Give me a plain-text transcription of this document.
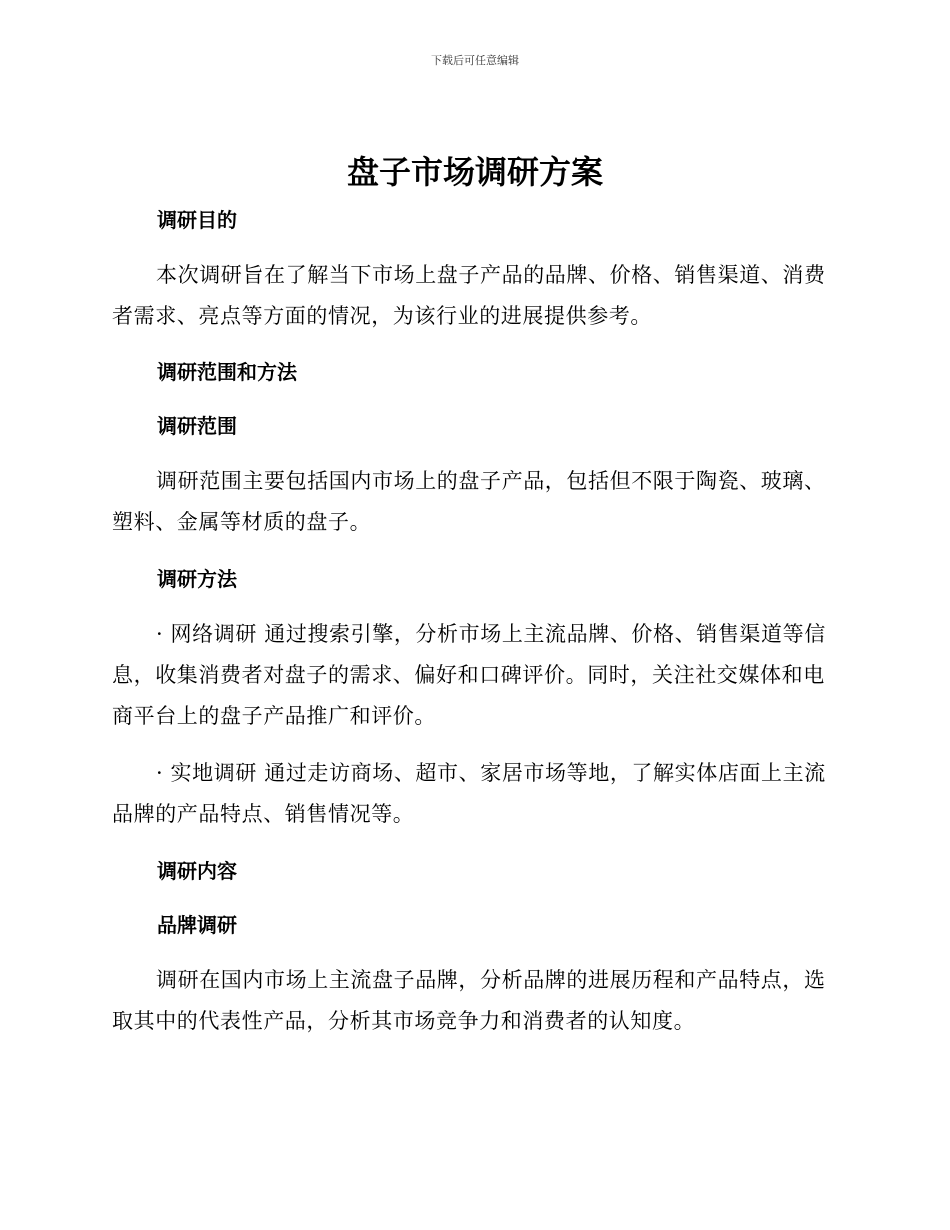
下载后可任意编辑
盘子市场调研方案
调研目的

本次调研旨在了解当下市场上盘子产品的品牌、价格、销售渠道、消费者需求、亮点等方面的情况，为该行业的进展提供参考。

调研范围和方法
调研范围

调研范围主要包括国内市场上的盘子产品，包括但不限于陶瓷、玻璃、塑料、金属等材质的盘子。

调研方法

· 网络调研 通过搜索引擎，分析市场上主流品牌、价格、销售渠道等信息，收集消费者对盘子的需求、偏好和口碑评价。同时，关注社交媒体和电商平台上的盘子产品推广和评价。

· 实地调研 通过走访商场、超市、家居市场等地，了解实体店面上主流品牌的产品特点、销售情况等。

调研内容
品牌调研

调研在国内市场上主流盘子品牌，分析品牌的进展历程和产品特点，选取其中的代表性产品，分析其市场竞争力和消费者的认知度。
